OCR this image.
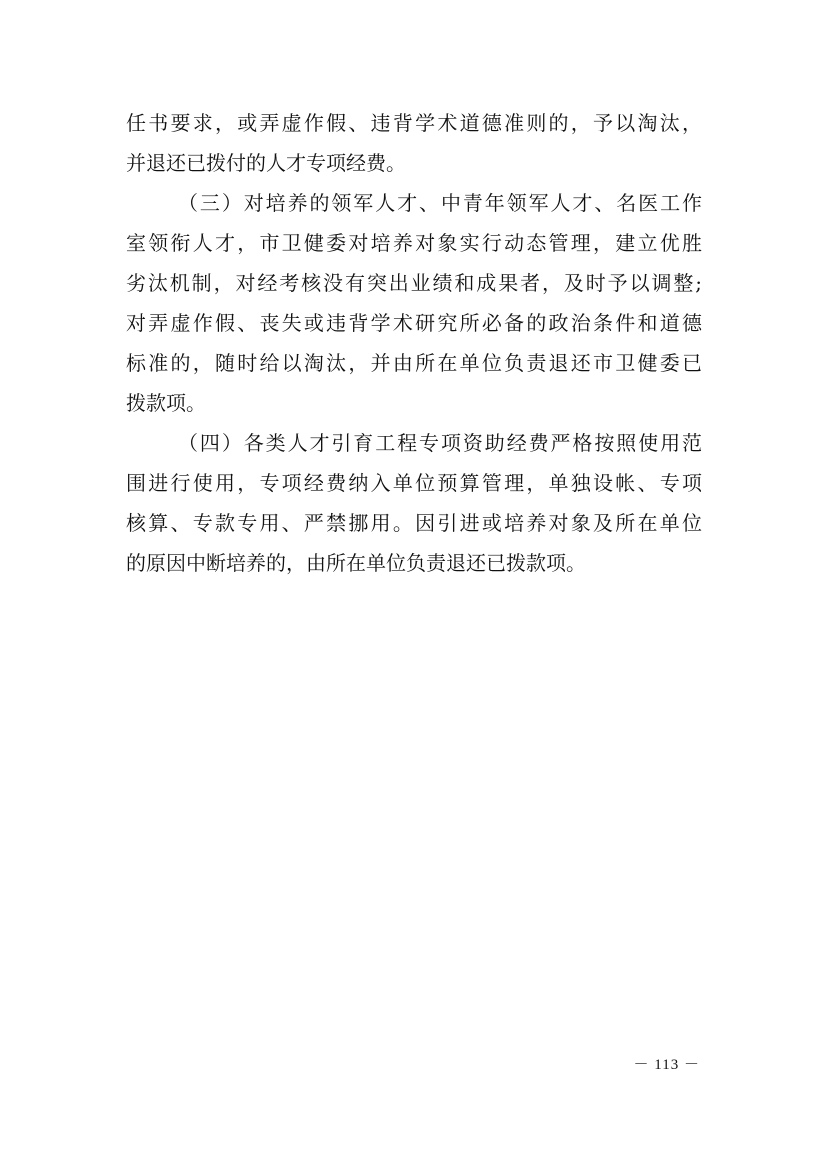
任书要求，或弄虚作假、违背学术道德准则的，予以淘汰，
并退还已拨付的人才专项经费。
（三）对培养的领军人才、中青年领军人才、名医工作
室领衔人才，市卫健委对培养对象实行动态管理，建立优胜
劣汰机制，对经考核没有突出业绩和成果者，及时予以调整;
对弄虚作假、丧失或违背学术研究所必备的政治条件和道德
标准的，随时给以淘汰，并由所在单位负责退还市卫健委已
拨款项。
（四）各类人才引育工程专项资助经费严格按照使用范
围进行使用，专项经费纳入单位预算管理，单独设帐、专项
核算、专款专用、严禁挪用。因引进或培养对象及所在单位
的原因中断培养的，由所在单位负责退还已拨款项。
－ 113 －
